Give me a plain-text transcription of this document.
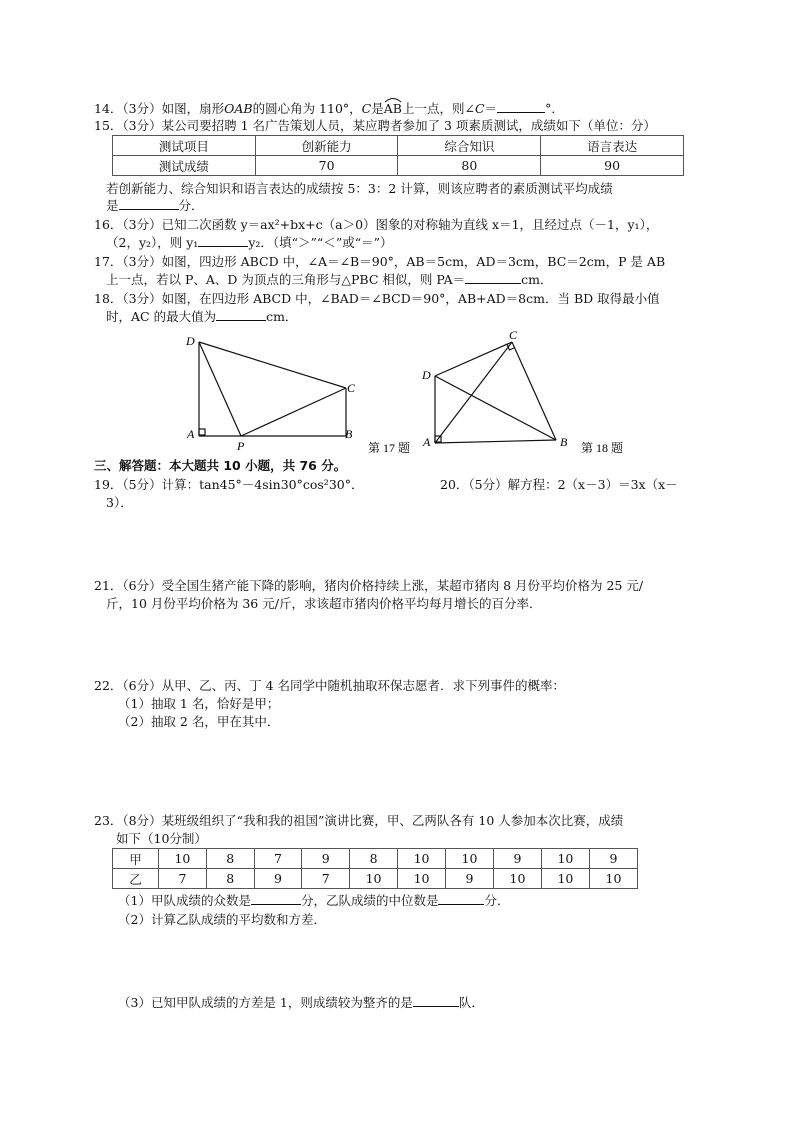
14．（3分）如图，扇形OAB的圆心角为 110°，C是
AB上一点，则∠C＝	°．
15．（3分）某公司要招聘 1 名广告策划人员，某应聘者参加了 3 项素质测试，成绩如下（单位：分）
测试项目	创新能力	综合知识	语言表达
测试成绩	70	80	90
若创新能力、综合知识和语言表达的成绩按 5：3：2 计算，则该应聘者的素质测试平均成绩
是	分．
16．（3分）已知二次函数 y＝ax²+bx+c（a＞0）图象的对称轴为直线 x＝1，且经过点（－1，y₁），
（2，y₂），则 y₁	y₂．（填“＞”“＜”或“＝”）
17．（3分）如图，四边形 ABCD 中，∠A＝∠B＝90°，AB＝5cm，AD＝3cm，BC＝2cm，P 是 AB
上一点，若以 P、A、D 为顶点的三角形与△PBC 相似，则 PA＝	cm．
18．（3分）如图，在四边形 ABCD 中，∠BAD＝∠BCD＝90°，AB+AD＝8cm．当 BD 取得最小值
时，AC 的最大值为	cm．
D
A
P
B
C
第 17 题
C
D
A	B 第 18 题
三、解答题：本大题共 10 小题，共 76 分。
19．（5分）计算：tan45°－4sin30°cos²30°．	20．（5分）解方程：2（x－3）＝3x（x－
3）．
21．（6分）受全国生猪产能下降的影响，猪肉价格持续上涨，某超市猪肉 8 月份平均价格为 25 元/
斤，10 月份平均价格为 36 元/斤，求该超市猪肉价格平均每月增长的百分率．
22．（6分）从甲、乙、丙、丁 4 名同学中随机抽取环保志愿者．求下列事件的概率：
（1）抽取 1 名，恰好是甲；
（2）抽取 2 名，甲在其中．
23．（8分）某班级组织了“我和我的祖国”演讲比赛，甲、乙两队各有 10 人参加本次比赛，成绩
如下（10分制）
甲	10	8	7	9	8	10	10	9	10	9
乙	7	8	9	7	10	10	9	10	10	10
（1）甲队成绩的众数是	分，乙队成绩的中位数是	分．
（2）计算乙队成绩的平均数和方差．
（3）已知甲队成绩的方差是 1，则成绩较为整齐的是	队．
